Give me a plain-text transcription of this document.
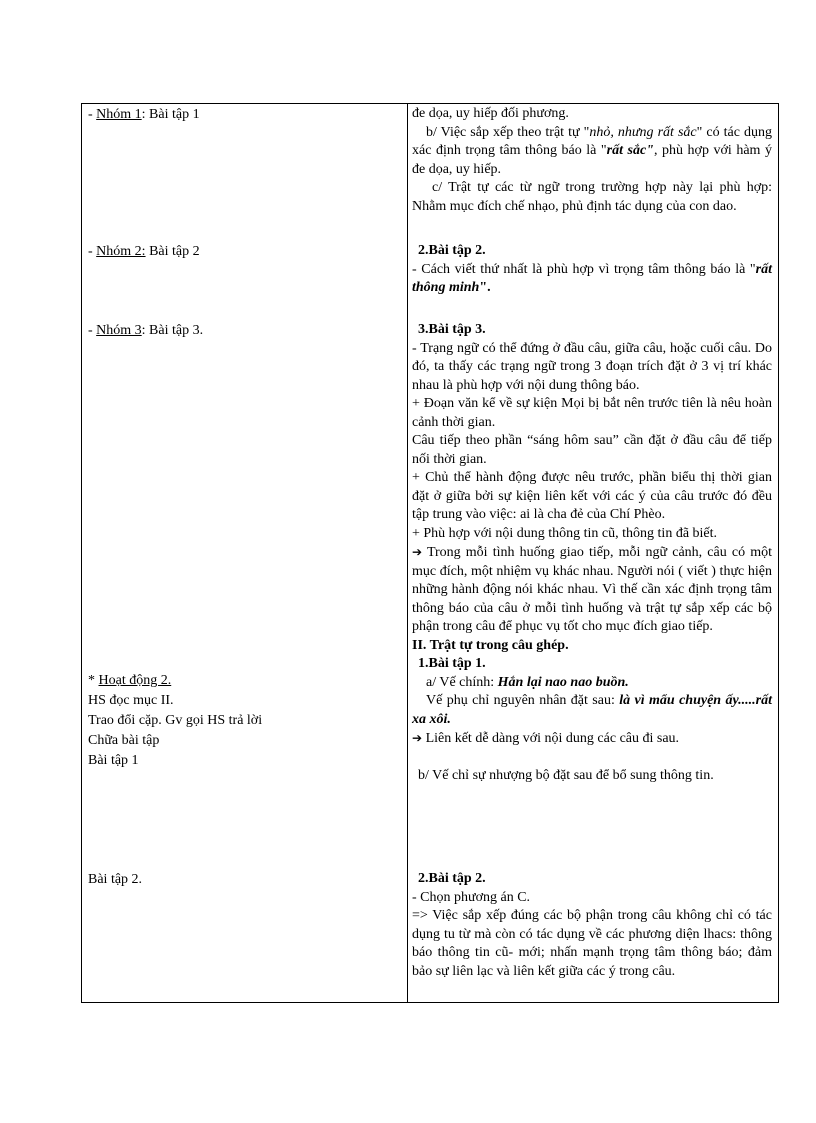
- Nhóm 1: Bài tập 1
- Nhóm 2: Bài tập 2
- Nhóm 3: Bài tập 3.
* Hoạt động 2.
HS đọc mục II.
Trao đổi cặp. Gv gọi HS trả lời
Chữa bài tập
Bài tập 1
Bài tập 2.

đe dọa, uy hiếp đối phương.

b/ Việc sắp xếp theo trật tự "nhỏ, nhưng rất sắc" có tác dụng xác định trọng tâm thông báo là "rất sắc", phù hợp với hàm ý đe dọa, uy hiếp.

c/ Trật tự các từ ngữ trong trường hợp này lại phù hợp: Nhằm mục đích chế nhạo, phủ định tác dụng của con dao.

2.Bài tập 2.

- Cách viết thứ nhất là phù hợp vì trọng tâm thông báo là "rất thông minh".

3.Bài tập 3.

- Trạng ngữ có thể đứng ở đầu câu, giữa câu, hoặc cuối câu. Do đó, ta thấy các trạng ngữ trong 3 đoạn trích đặt ở 3 vị trí khác nhau là phù hợp với nội dung thông báo.

+ Đoạn văn kể về sự kiện Mọi bị bắt nên trước tiên là nêu hoàn cảnh thời gian.

Câu tiếp theo phần “sáng hôm sau” cần đặt ở đầu câu để tiếp nối thời gian.

+ Chủ thể hành động được nêu trước, phần biểu thị thời gian đặt ở giữa bởi sự kiện liên kết với các ý của câu trước đó đều tập trung vào việc: ai là cha đẻ của Chí Phèo.

+ Phù hợp với nội dung thông tin cũ, thông tin đã biết.

➔ Trong mỗi tình huống giao tiếp, mỗi ngữ cảnh, câu có một mục đích, một nhiệm vụ khác nhau. Người nói ( viết ) thực hiện những hành động nói khác nhau. Vì thế cần xác định trọng tâm thông báo của câu ở mỗi tình huống và trật tự sắp xếp các bộ phận trong câu để phục vụ tốt cho mục đích giao tiếp.

II. Trật tự trong câu ghép.

1.Bài tập 1.

a/ Vế chính: Hắn lại nao nao buồn.

Vế phụ chỉ nguyên nhân đặt sau: là vì mẩu chuyện ấy.....rất xa xôi.

➔ Liên kết dễ dàng với nội dung các câu đi sau.

b/ Vế chỉ sự nhượng bộ đặt sau để bổ sung thông tin.

2.Bài tập 2.

- Chọn phương án C.

=> Việc sắp xếp đúng các bộ phận trong câu không chỉ có tác dụng tu từ mà còn có tác dụng về các phương diện lhacs: thông báo thông tin cũ- mới; nhấn mạnh trọng tâm thông báo; đảm bảo sự liên lạc và liên kết giữa các ý trong câu.
